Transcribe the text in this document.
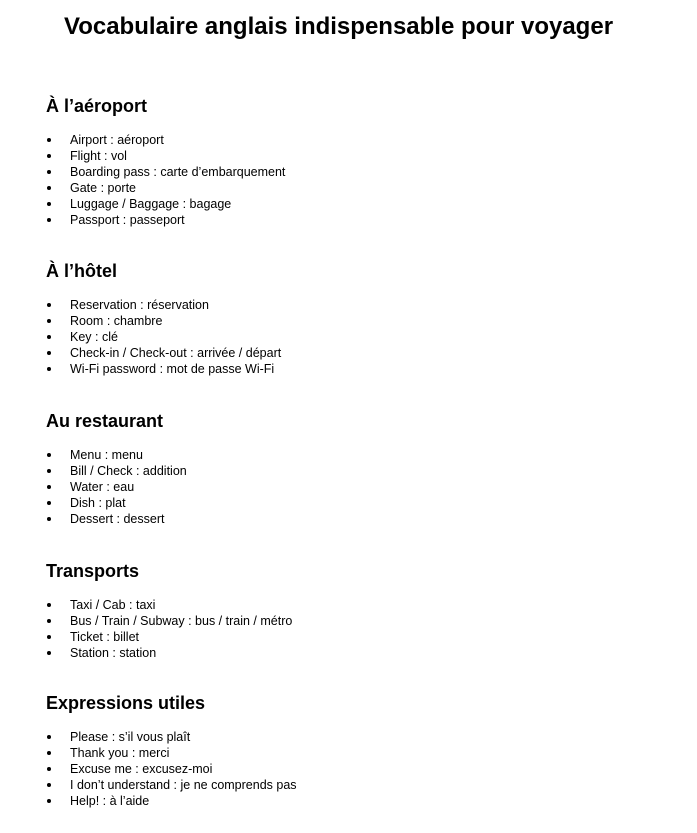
Vocabulaire anglais indispensable pour voyager
À l’aéroport
Airport : aéroport
Flight : vol
Boarding pass : carte d’embarquement
Gate : porte
Luggage / Baggage : bagage
Passport : passeport
À l’hôtel
Reservation : réservation
Room : chambre
Key : clé
Check-in / Check-out : arrivée / départ
Wi-Fi password : mot de passe Wi-Fi
Au restaurant
Menu : menu
Bill / Check : addition
Water : eau
Dish : plat
Dessert : dessert
Transports
Taxi / Cab : taxi
Bus / Train / Subway : bus / train / métro
Ticket : billet
Station : station
Expressions utiles
Please : s’il vous plaît
Thank you : merci
Excuse me : excusez-moi
I don’t understand : je ne comprends pas
Help! : à l’aide
